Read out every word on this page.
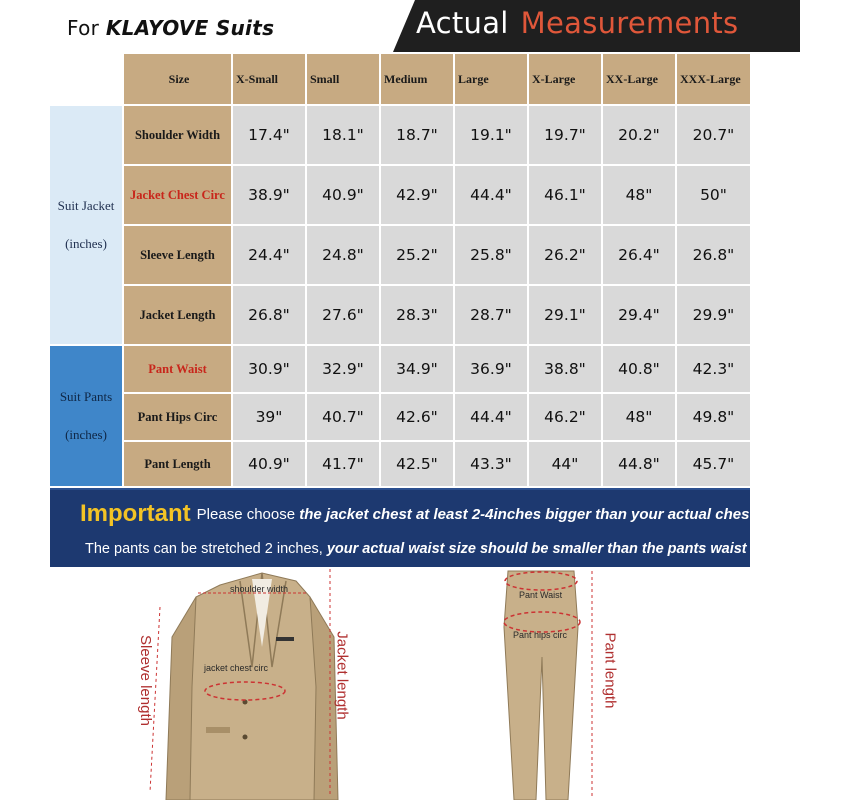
For KLAYOVE Suits	Actual Measurements
Suit Jacket
(inches)
Suit Pants
(inches)
Size	X-Small	Small	Medium	Large	X-Large	XX-Large	XXX-Large
Shoulder Width	17.4"	18.1"	18.7"	19.1"	19.7"	20.2"	20.7"
Jacket Chest Circ	38.9"	40.9"	42.9"	44.4"	46.1"	48"	50"
Sleeve Length	24.4"	24.8"	25.2"	25.8"	26.2"	26.4"	26.8"
Jacket Length	26.8"	27.6"	28.3"	28.7"	29.1"	29.4"	29.9"
Pant Waist	30.9"	32.9"	34.9"	36.9"	38.8"	40.8"	42.3"
Pant Hips Circ	39"	40.7"	42.6"	44.4"	46.2"	48"	49.8"
Pant Length	40.9"	41.7"	42.5"	43.3"	44"	44.8"	45.7"
Important Please choose the jacket chest at least 2-4inches bigger than your actual chest circumference.
The pants can be stretched 2 inches, your actual waist size should be smaller than the pants waist circumference.
shoulder width
jacket chest circ
Sleeve length	Jacket length
Pant Waist
Pant hips circ Pant length
